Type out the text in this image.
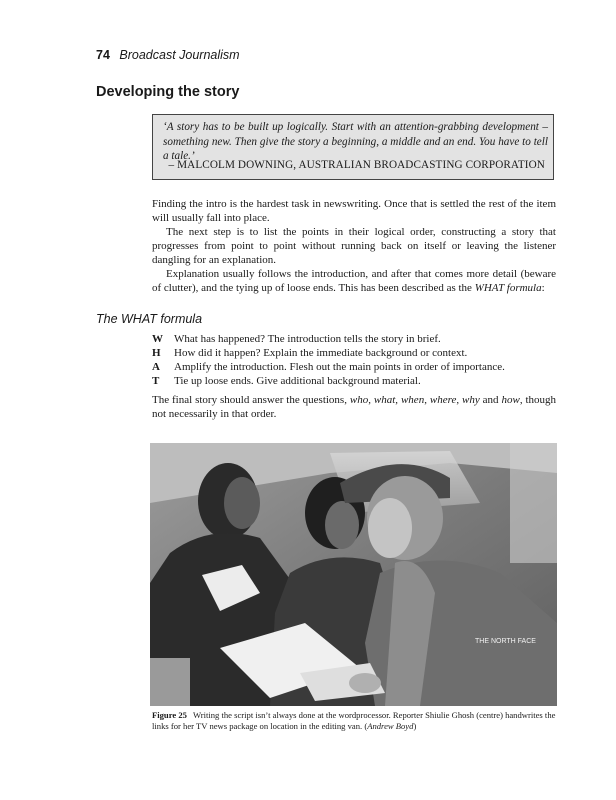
74 Broadcast Journalism
Developing the story
‘A story has to be built up logically. Start with an attention-grabbing development – something new. Then give the story a beginning, a middle and an end. You have to tell a tale.’
– MALCOLM DOWNING, AUSTRALIAN BROADCASTING CORPORATION

Finding the intro is the hardest task in newswriting. Once that is settled the rest of the item will usually fall into place.

The next step is to list the points in their logical order, constructing a story that progresses from point to point without running back on itself or leaving the listener dangling for an explanation.

Explanation usually follows the introduction, and after that comes more detail (beware of clutter), and the tying up of loose ends. This has been described as the WHAT formula:

The WHAT formula
W	What has happened? The introduction tells the story in brief.
H	How did it happen? Explain the immediate background or context.
A	Amplify the introduction. Flesh out the main points in order of importance.
T	Tie up loose ends. Give additional background material.

The final story should answer the questions, who, what, when, where, why and how, though not necessarily in that order.

THE NORTH FACE
Figure 25 Writing the script isn’t always done at the wordprocessor. Reporter Shiulie Ghosh (centre) handwrites the links for her TV news package on location in the editing van. (Andrew Boyd)
